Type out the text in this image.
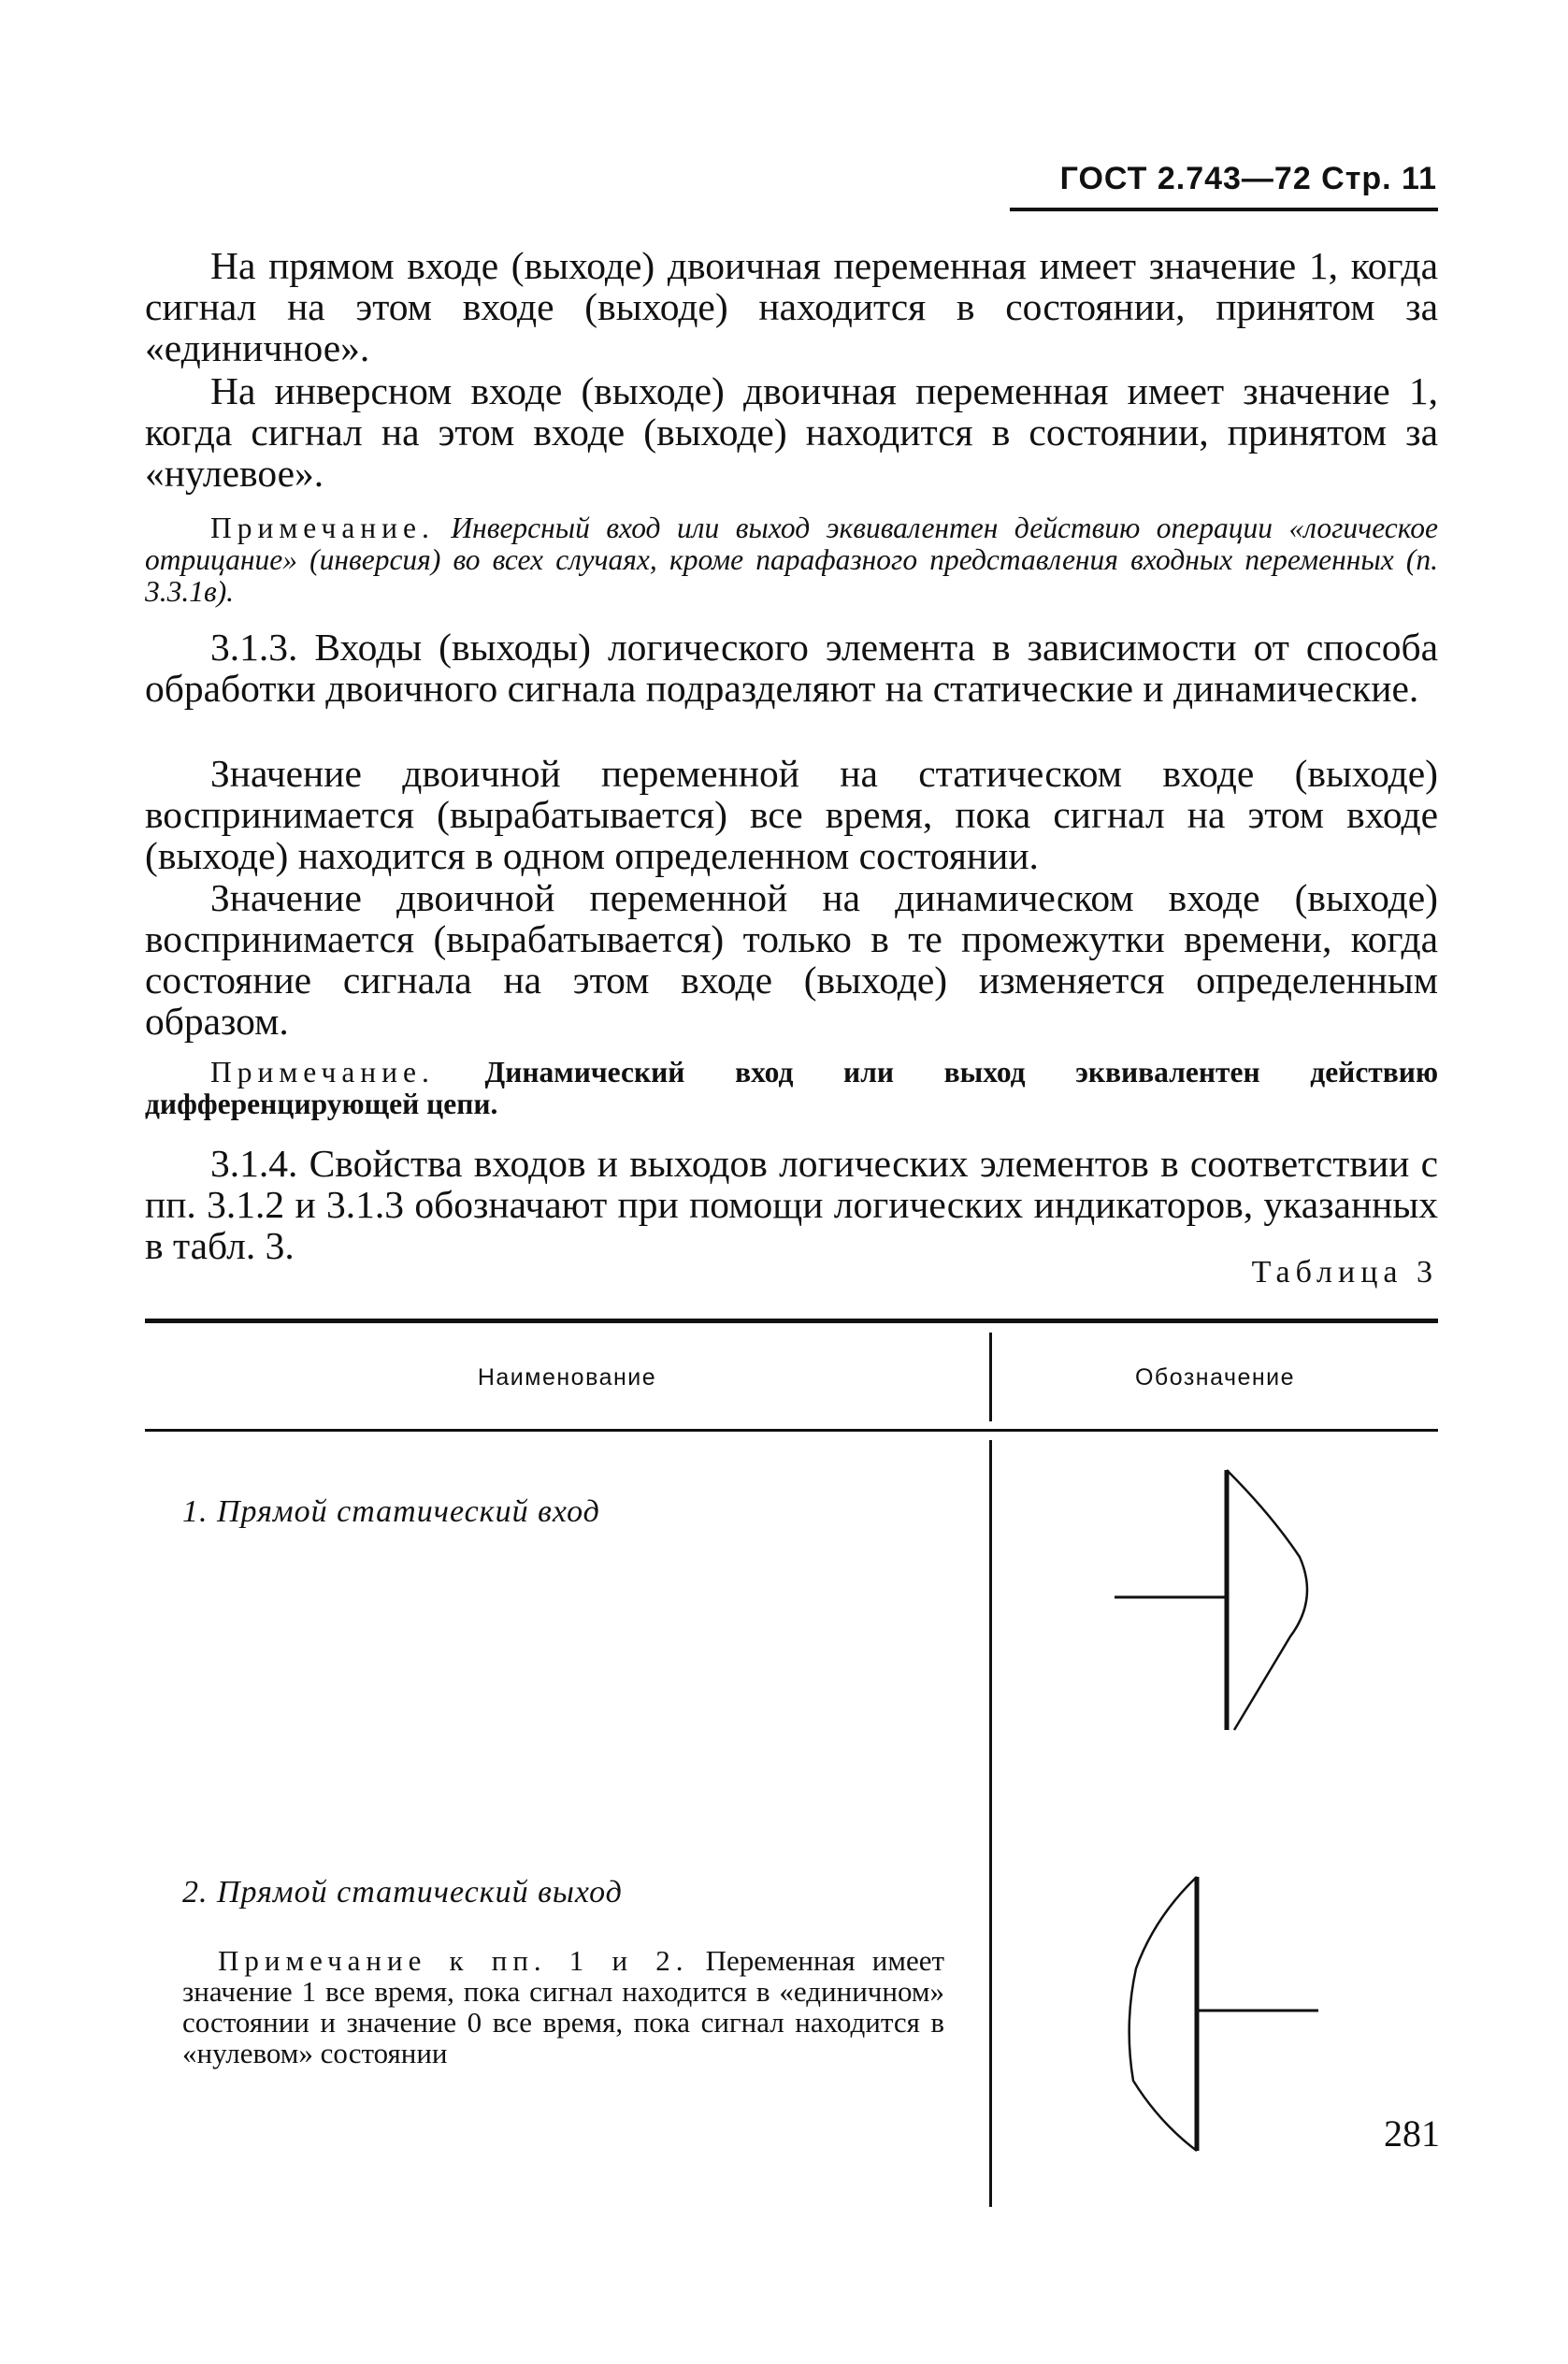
ГОСТ 2.743—72 Стр. 11

На прямом входе (выходе) двоичная переменная имеет значение 1, когда сигнал на этом входе (выходе) находится в состоянии, принятом за «единичное».

На инверсном входе (выходе) двоичная переменная имеет значение 1, когда сигнал на этом входе (выходе) находится в состоянии, принятом за «нулевое».

Примечание. Инверсный вход или выход эквивалентен действию операции «логическое отрицание» (инверсия) во всех случаях, кроме парафазного представления входных переменных (п. 3.3.1в).

3.1.3. Входы (выходы) логического элемента в зависимости от способа обработки двоичного сигнала подразделяют на статические и динамические.

Значение двоичной переменной на статическом входе (выходе) воспринимается (вырабатывается) все время, пока сигнал на этом входе (выходе) находится в одном определенном состоянии.

Значение двоичной переменной на динамическом входе (выходе) воспринимается (вырабатывается) только в те промежутки времени, когда состояние сигнала на этом входе (выходе) изменяется определенным образом.

Примечание. Динамический вход или выход эквивалентен действию дифференцирующей цепи.

3.1.4. Свойства входов и выходов логических элементов в соответствии с пп. 3.1.2 и 3.1.3 обозначают при помощи логических индикаторов, указанных в табл. 3.

Таблица 3
Наименование	Обозначение
1. Прямой статический вход
2. Прямой статический выход

Примечание к пп. 1 и 2. Переменная имеет значение 1 все время, пока сигнал находится в «единичном» состоянии и значение 0 все время, пока сигнал находится в «нулевом» состоянии

281
